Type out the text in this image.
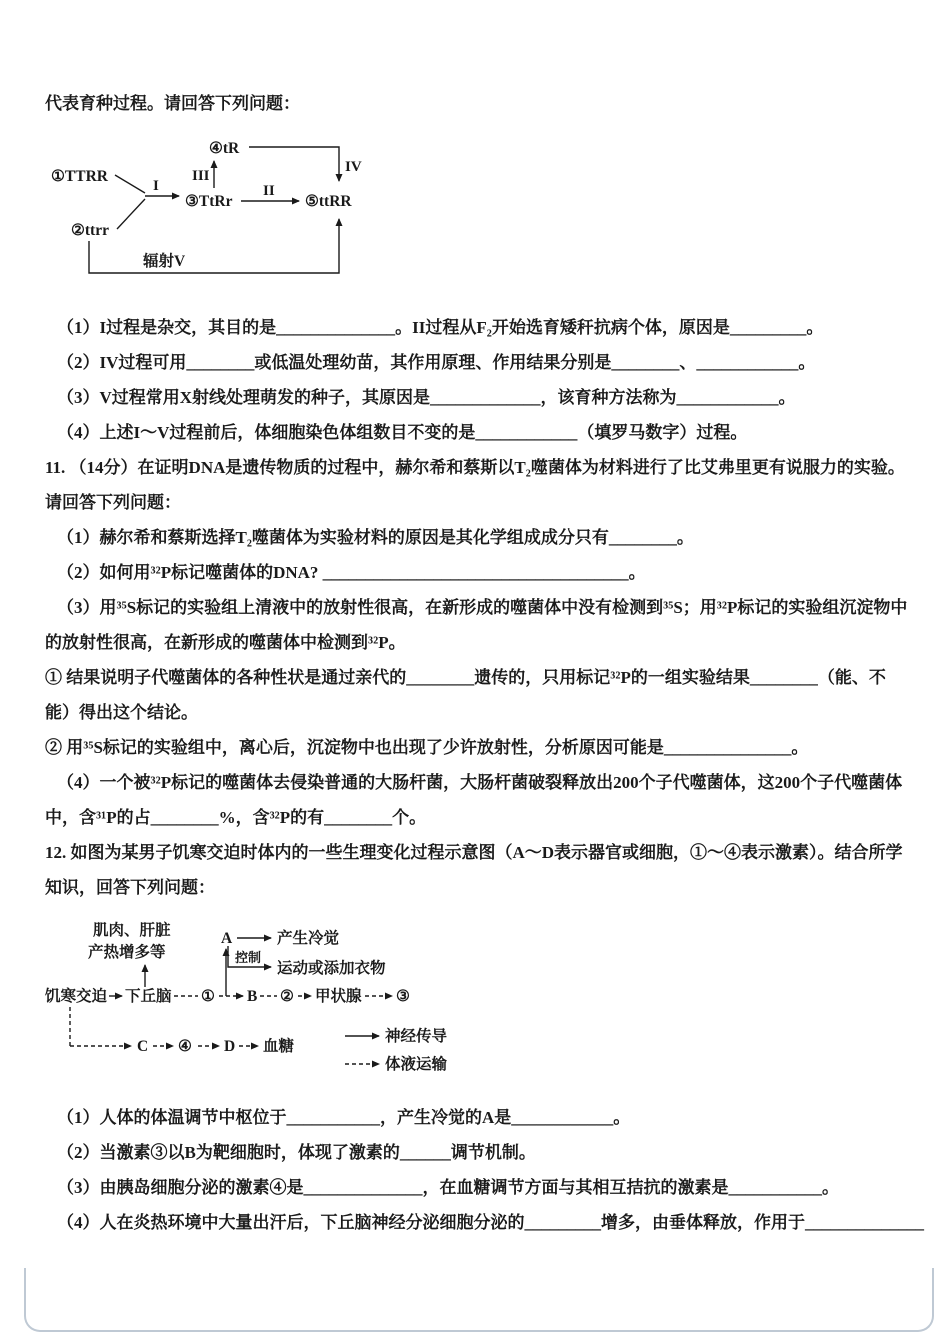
代表育种过程。请回答下列问题：

④tR
①TTRR
②ttrr
③TtRr	⑤ttRR
I
III
II
IV
辐射V

（1）I过程是杂交，其目的是______________。II过程从F₂开始选育矮秆抗病个体，原因是_________。

（2）IV过程可用________或低温处理幼苗，其作用原理、作用结果分别是________、____________。

（3）V过程常用X射线处理萌发的种子，其原因是_____________，该育种方法称为____________。

（4）上述I～V过程前后，体细胞染色体组数目不变的是____________（填罗马数字）过程。

11. （14分）在证明DNA是遗传物质的过程中，赫尔希和蔡斯以T₂噬菌体为材料进行了比艾弗里更有说服力的实验。

请回答下列问题：

（1）赫尔希和蔡斯选择T₂噬菌体为实验材料的原因是其化学组成成分只有________。

（2）如何用³²P标记噬菌体的DNA? ____________________________________。

（3）用³⁵S标记的实验组上清液中的放射性很高，在新形成的噬菌体中没有检测到³⁵S；用³²P标记的实验组沉淀物中

的放射性很高，在新形成的噬菌体中检测到³²P。

① 结果说明子代噬菌体的各种性状是通过亲代的________遗传的，只用标记³²P的一组实验结果________（能、不

能）得出这个结论。

② 用³⁵S标记的实验组中，离心后，沉淀物中也出现了少许放射性，分析原因可能是_______________。

（4）一个被³²P标记的噬菌体去侵染普通的大肠杆菌，大肠杆菌破裂释放出200个子代噬菌体，这200个子代噬菌体

中，含³¹P的占________%，含³²P的有________个。

12. 如图为某男子饥寒交迫时体内的一些生理变化过程示意图（A～D表示器官或细胞，①～④表示激素）。结合所学

知识，回答下列问题：

肌肉、肝脏
产热增多等
A	产生冷觉
控制
运动或添加衣物
饥寒交迫 下丘脑 ① B ② 甲状腺 ③
C ④ D 血糖
神经传导
体液运输

（1）人体的体温调节中枢位于___________，产生冷觉的A是____________。

（2）当激素③以B为靶细胞时，体现了激素的______调节机制。

（3）由胰岛细胞分泌的激素④是______________，在血糖调节方面与其相互拮抗的激素是___________。

（4）人在炎热环境中大量出汗后，下丘脑神经分泌细胞分泌的_________增多，由垂体释放，作用于______________
